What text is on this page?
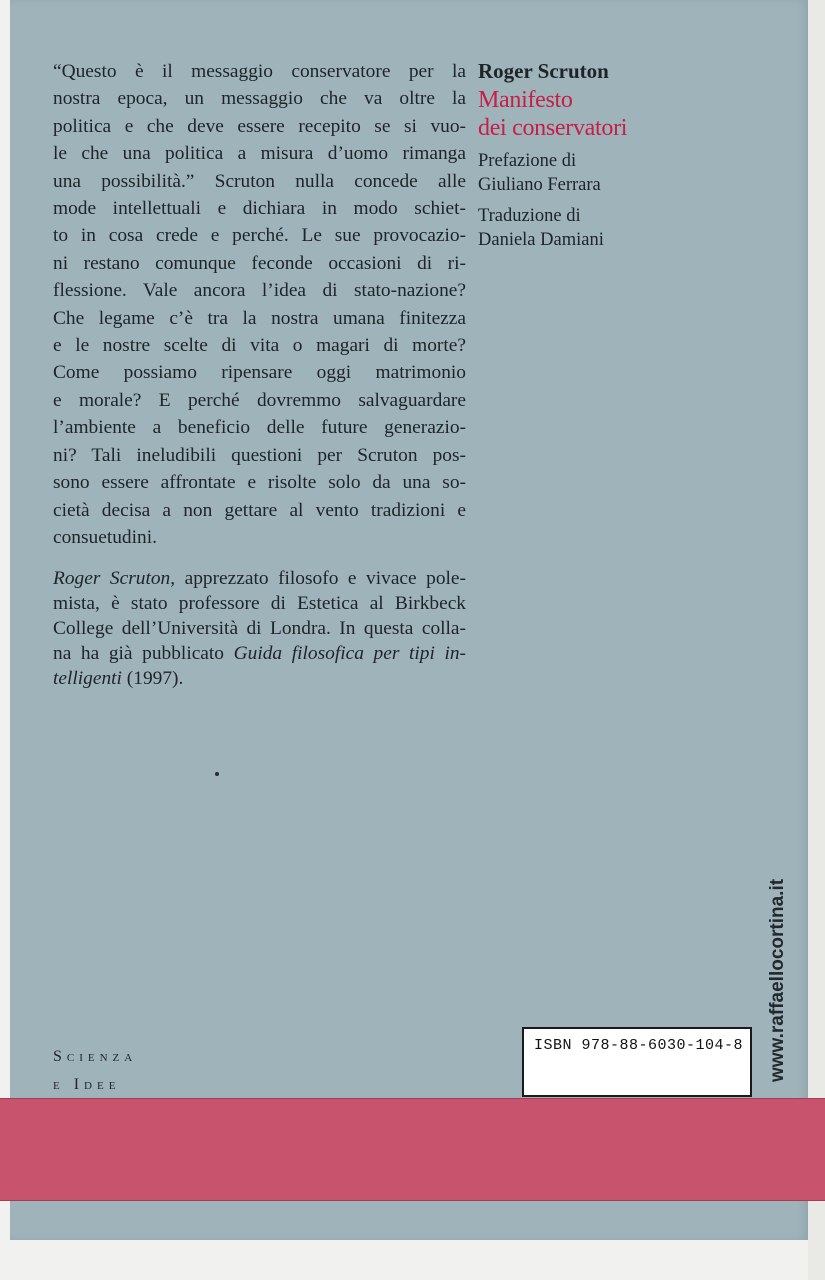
“Questo è il messaggio conservatore per la

nostra epoca, un messaggio che va oltre la

politica e che deve essere recepito se si vuo-

le che una politica a misura d’uomo rimanga

una possibilità.” Scruton nulla concede alle

mode intellettuali e dichiara in modo schiet-

to in cosa crede e perché. Le sue provocazio-

ni restano comunque feconde occasioni di ri-

flessione. Vale ancora l’idea di stato-nazione?

Che legame c’è tra la nostra umana finitezza

e le nostre scelte di vita o magari di morte?

Come possiamo ripensare oggi matrimonio

e morale? E perché dovremmo salvaguardare

l’ambiente a beneficio delle future generazio-

ni? Tali ineludibili questioni per Scruton pos-

sono essere affrontate e risolte solo da una so-

cietà decisa a non gettare al vento tradizioni e

consuetudini.

Roger Scruton, apprezzato filosofo e vivace pole-

mista, è stato professore di Estetica al Birkbeck

College dell’Università di Londra. In questa colla-

na ha già pubblicato Guida filosofica per tipi in-

telligenti (1997).

Roger Scruton
Manifesto
dei conservatori
Prefazione di
Giuliano Ferrara
Traduzione di
Daniela Damiani
Scienza
e Idee
ISBN 978-88-6030-104-8	www.raffaellocortina.it
